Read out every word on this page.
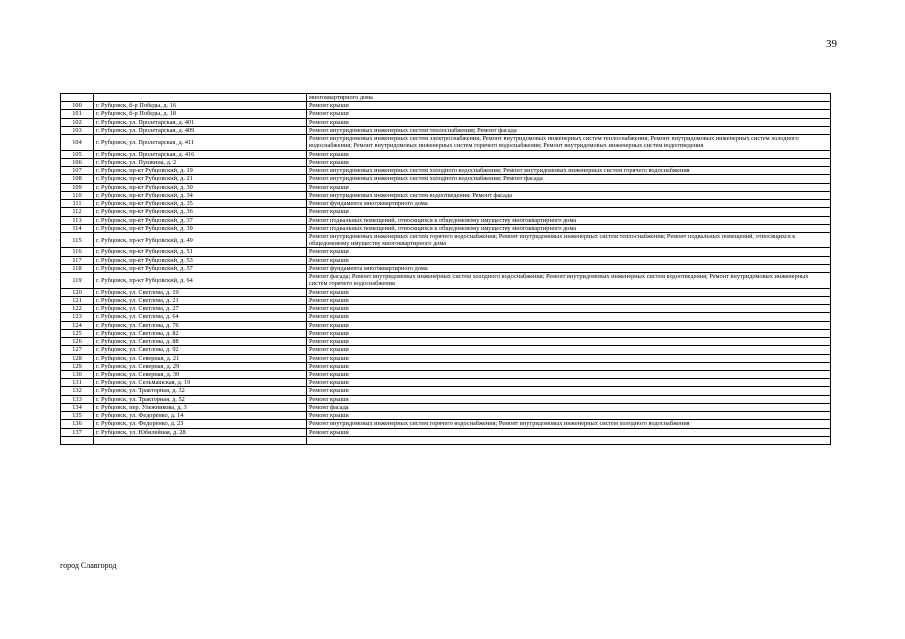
39
		многоквартирного дома
100	г. Рубцовск, б-р Победы, д. 16	Ремонт крыши
101	г. Рубцовск, б-р Победы, д. 18	Ремонт крыши
102	г. Рубцовск, ул. Пролетарская, д. 401	Ремонт крыши
103	г. Рубцовск, ул. Пролетарская, д. 409	Ремонт внутридомовых инженерных систем теплоснабжения; Ремонт фасада
104	г. Рубцовск, ул. Пролетарская, д. 411	Ремонт внутридомовых инженерных систем электроснабжения; Ремонт внутридомовых инженерных систем теплоснабжения; Ремонт внутридомовых инженерных систем холодного водоснабжения; Ремонт внутридомовых инженерных систем горячего водоснабжения; Ремонт внутридомовых инженерных систем водоотведения
105	г. Рубцовск, ул. Пролетарская, д. 416	Ремонт крыши
106	г. Рубцовск, ул. Пушкина, д. 2	Ремонт крыши
107	г. Рубцовск, пр-кт Рубцовский, д. 19	Ремонт внутридомовых инженерных систем холодного водоснабжения; Ремонт внутридомовых инженерных систем горячего водоснабжения
108	г. Рубцовск, пр-кт Рубцовский, д. 21	Ремонт внутридомовых инженерных систем холодного водоснабжения; Ремонт фасада
109	г. Рубцовск, пр-кт Рубцовский, д. 30	Ремонт крыши
110	г. Рубцовск, пр-кт Рубцовский, д. 34	Ремонт внутридомовых инженерных систем водоотведения; Ремонт фасада
111	г. Рубцовск, пр-кт Рубцовский, д. 35	Ремонт фундамента многоквартирного дома
112	г. Рубцовск, пр-кт Рубцовский, д. 36	Ремонт крыши
113	г. Рубцовск, пр-кт Рубцовский, д. 37	Ремонт подвальных помещений, относящихся к общедомовому имуществу многоквартирного дома
114	г. Рубцовск, пр-кт Рубцовский, д. 39	Ремонт подвальных помещений, относящихся к общедомовому имуществу многоквартирного дома
115	г. Рубцовск, пр-кт Рубцовский, д. 49	Ремонт внутридомовых инженерных систем горячего водоснабжения; Ремонт внутридомовых инженерных систем теплоснабжения; Ремонт подвальных помещений, относящихся к общедомовому имуществу многоквартирного дома
116	г. Рубцовск, пр-кт Рубцовский, д. 51	Ремонт крыши
117	г. Рубцовск, пр-кт Рубцовский, д. 53	Ремонт крыши
118	г. Рубцовск, пр-кт Рубцовский, д. 57	Ремонт фундамента многоквартирного дома
119	г. Рубцовск, пр-кт Рубцовский, д. 64	Ремонт фасада; Ремонт внутридомовых инженерных систем холодного водоснабжения; Ремонт внутридомовых инженерных систем водоотведения; Ремонт внутридомовых инженерных систем горячего водоснабжения
120	г. Рубцовск, ул. Светлова, д. 19	Ремонт крыши
121	г. Рубцовск, ул. Светлова, д. 21	Ремонт крыши
122	г. Рубцовск, ул. Светлова, д. 27	Ремонт крыши
123	г. Рубцовск, ул. Светлова, д. 64	Ремонт крыши
124	г. Рубцовск, ул. Светлова, д. 76	Ремонт крыши
125	г. Рубцовск, ул. Светлова, д. 82	Ремонт крыши
126	г. Рубцовск, ул. Светлова, д. 88	Ремонт крыши
127	г. Рубцовск, ул. Светлова, д. 92	Ремонт крыши
128	г. Рубцовск, ул. Северная, д. 21	Ремонт крыши
129	г. Рубцовск, ул. Северная, д. 29	Ремонт крыши
130	г. Рубцовск, ул. Северная, д. 30	Ремонт крыши
131	г. Рубцовск, ул. Сельмашская, д. 19	Ремонт крыши
132	г. Рубцовск, ул. Тракторная, д. 32	Ремонт крыши
133	г. Рубцовск, ул. Тракторная, д. 52	Ремонт крыши
134	г. Рубцовск, пер. Улежникова, д. 3	Ремонт фасада
135	г. Рубцовск, ул. Федоренко, д. 14	Ремонт крыши
136	г. Рубцовск, ул. Федоренко, д. 23	Ремонт внутридомовых инженерных систем горячего водоснабжения; Ремонт внутридомовых инженерных систем холодного водоснабжения
137	г. Рубцовск, ул. Юбилейная, д. 28	Ремонт крыши

город Славгород
